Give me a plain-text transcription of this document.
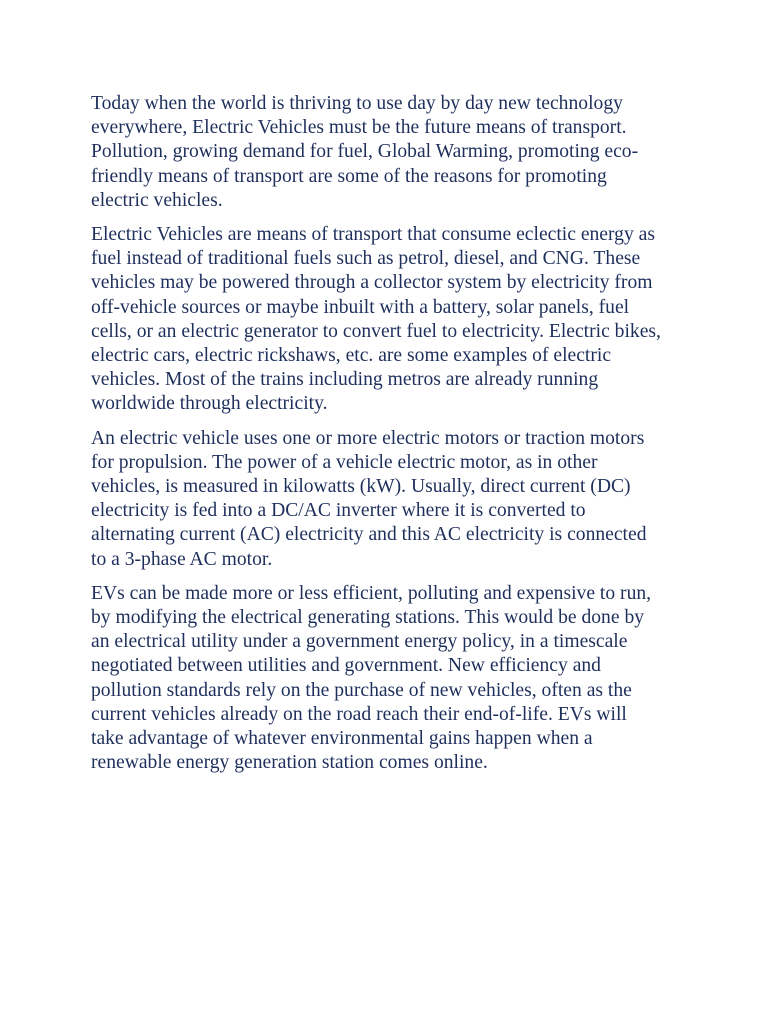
Today when the world is thriving to use day by day new technology
everywhere, Electric Vehicles must be the future means of transport.
Pollution, growing demand for fuel, Global Warming, promoting eco-
friendly means of transport are some of the reasons for promoting
electric vehicles.

Electric Vehicles are means of transport that consume eclectic energy as
fuel instead of traditional fuels such as petrol, diesel, and CNG. These
vehicles may be powered through a collector system by electricity from
off-vehicle sources or maybe inbuilt with a battery, solar panels, fuel
cells, or an electric generator to convert fuel to electricity. Electric bikes,
electric cars, electric rickshaws, etc. are some examples of electric
vehicles. Most of the trains including metros are already running
worldwide through electricity.

An electric vehicle uses one or more electric motors or traction motors
for propulsion. The power of a vehicle electric motor, as in other
vehicles, is measured in kilowatts (kW). Usually, direct current (DC)
electricity is fed into a DC/AC inverter where it is converted to
alternating current (AC) electricity and this AC electricity is connected
to a 3-phase AC motor.

EVs can be made more or less efficient, polluting and expensive to run,
by modifying the electrical generating stations. This would be done by
an electrical utility under a government energy policy, in a timescale
negotiated between utilities and government. New efficiency and
pollution standards rely on the purchase of new vehicles, often as the
current vehicles already on the road reach their end-of-life. EVs will
take advantage of whatever environmental gains happen when a
renewable energy generation station comes online.
